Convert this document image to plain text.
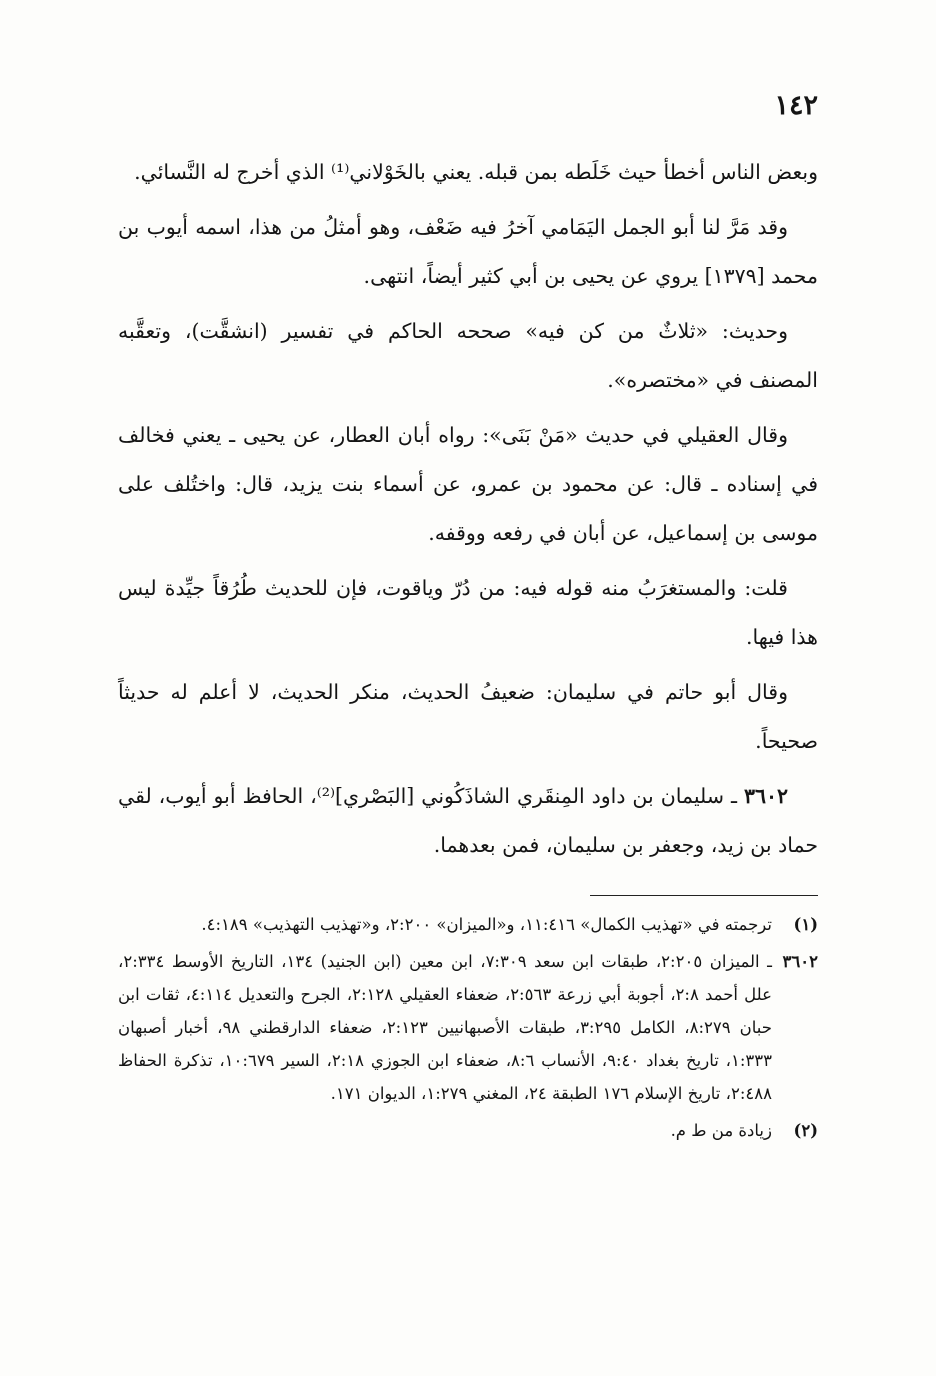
١٤٢

وبعض الناس أخطأ حيث خَلَطه بمن قبله. يعني بالخَوْلاني⁽¹⁾ الذي أخرج له النَّسائي.

وقد مَرَّ لنا أبو الجمل اليَمَامي آخرُ فيه ضَعْف، وهو أمثلُ من هذا، اسمه أيوب بن محمد [١٣٧٩] يروي عن يحيى بن أبي كثير أيضاً، انتهى.

وحديث: «ثلاثٌ من كن فيه» صححه الحاكم في تفسير (انشقَّت)، وتعقَّبه المصنف في «مختصره».

وقال العقيلي في حديث «مَنْ بَنَى»: رواه أبان العطار، عن يحيى ـ يعني فخالف في إسناده ـ قال: عن محمود بن عمرو، عن أسماء بنت يزيد، قال: واختُلف على موسى بن إسماعيل، عن أبان في رفعه ووقفه.

قلت: والمستغرَبُ منه قوله فيه: من دُرّ وياقوت، فإن للحديث طُرُقاً جيِّدة ليس هذا فيها.

وقال أبو حاتم في سليمان: ضعيفُ الحديث، منكر الحديث، لا أعلم له حديثاً صحيحاً.

٣٦٠٢ ـ سليمان بن داود المِنقَري الشاذَكُوني [البَصْري]⁽²⁾، الحافظ أبو أيوب، لقي حماد بن زيد، وجعفر بن سليمان، فمن بعدهما.

(١)ترجمته في «تهذيب الكمال» ١١:٤١٦، و«الميزان» ٢:٢٠٠، و«تهذيب التهذيب» ٤:١٨٩.

٣٦٠٢ـ الميزان ٢:٢٠٥، طبقات ابن سعد ٧:٣٠٩، ابن معين (ابن الجنيد) ١٣٤، التاريخ الأوسط ٢:٣٣٤، علل أحمد ٢:٨، أجوبة أبي زرعة ٢:٥٦٣، ضعفاء العقيلي ٢:١٢٨، الجرح والتعديل ٤:١١٤، ثقات ابن حبان ٨:٢٧٩، الكامل ٣:٢٩٥، طبقات الأصبهانيين ٢:١٢٣، ضعفاء الدارقطني ٩٨، أخبار أصبهان ١:٣٣٣، تاريخ بغداد ٩:٤٠، الأنساب ٨:٦، ضعفاء ابن الجوزي ٢:١٨، السير ١٠:٦٧٩، تذكرة الحفاظ ٢:٤٨٨، تاريخ الإسلام ١٧٦ الطبقة ٢٤، المغني ١:٢٧٩، الديوان ١٧١.

(٢)زيادة من ط م.
